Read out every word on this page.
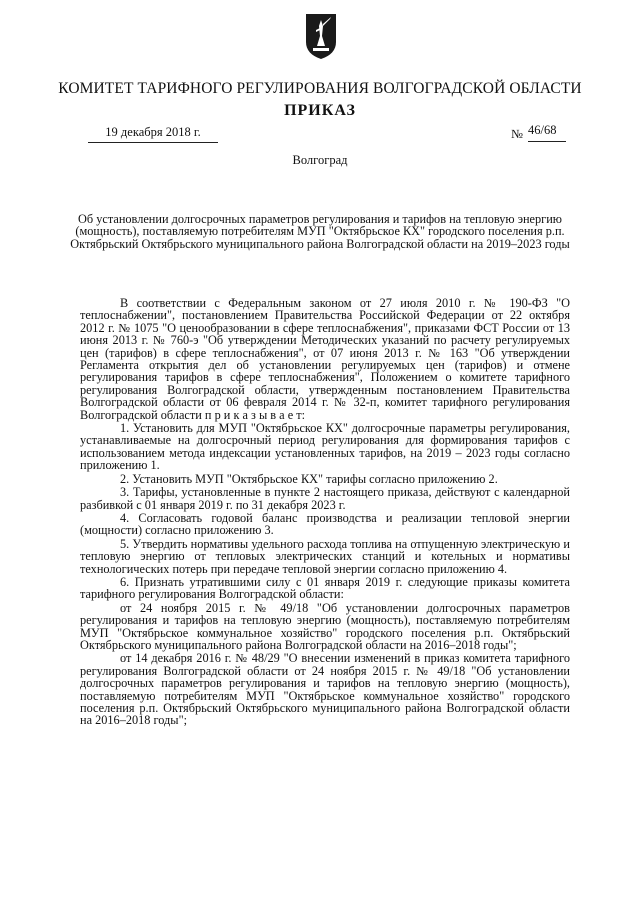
КОМИТЕТ ТАРИФНОГО РЕГУЛИРОВАНИЯ ВОЛГОГРАДСКОЙ ОБЛАСТИ
ПРИКАЗ
19 декабря 2018 г.	№ 46/68
Волгоград
Об установлении долгосрочных параметров регулирования и тарифов на тепловую энергию (мощность), поставляемую потребителям МУП "Октябрьское КХ" городского поселения р.п. Октябрьский Октябрьского муниципального района Волгоградской области на 2019–2023 годы

В соответствии с Федеральным законом от 27 июля 2010 г. № 190-ФЗ "О теплоснабжении", постановлением Правительства Российской Федерации от 22 октября 2012 г. № 1075 "О ценообразовании в сфере теплоснабжения", приказами ФСТ России от 13 июня 2013 г. № 760-э "Об утверждении Методических указаний по расчету регулируемых цен (тарифов) в сфере теплоснабжения", от 07 июня 2013 г. № 163 "Об утверждении Регламента открытия дел об установлении регулируемых цен (тарифов) и отмене регулирования тарифов в сфере теплоснабжения", Положением о комитете тарифного регулирования Волгоградской области, утвержденным постановлением Правительства Волгоградской области от 06 февраля 2014 г. № 32-п, комитет тарифного регулирования Волгоградской области п р и к а з ы в а е т:

1. Установить для МУП "Октябрьское КХ" долгосрочные параметры регулирования, устанавливаемые на долгосрочный период регулирования для формирования тарифов с использованием метода индексации установленных тарифов, на 2019 – 2023 годы согласно приложению 1.

2. Установить МУП "Октябрьское КХ" тарифы согласно приложению 2.

3. Тарифы, установленные в пункте 2 настоящего приказа, действуют с календарной разбивкой с 01 января 2019 г. по 31 декабря 2023 г.

4. Согласовать годовой баланс производства и реализации тепловой энергии (мощности) согласно приложению 3.

5. Утвердить нормативы удельного расхода топлива на отпущенную электрическую и тепловую энергию от тепловых электрических станций и котельных и нормативы технологических потерь при передаче тепловой энергии согласно приложению 4.

6. Признать утратившими силу с 01 января 2019 г. следующие приказы комитета тарифного регулирования Волгоградской области:

от 24 ноября 2015 г. № 49/18 "Об установлении долгосрочных параметров регулирования и тарифов на тепловую энергию (мощность), поставляемую потребителям МУП "Октябрьское коммунальное хозяйство" городского поселения р.п. Октябрьский Октябрьского муниципального района Волгоградской области на 2016–2018 годы";

от 14 декабря 2016 г. № 48/29 "О внесении изменений в приказ комитета тарифного регулирования Волгоградской области от 24 ноября 2015 г. № 49/18 "Об установлении долгосрочных параметров регулирования и тарифов на тепловую энергию (мощность), поставляемую потребителям МУП "Октябрьское коммунальное хозяйство" городского поселения р.п. Октябрьский Октябрьского муниципального района Волгоградской области на 2016–2018 годы";
